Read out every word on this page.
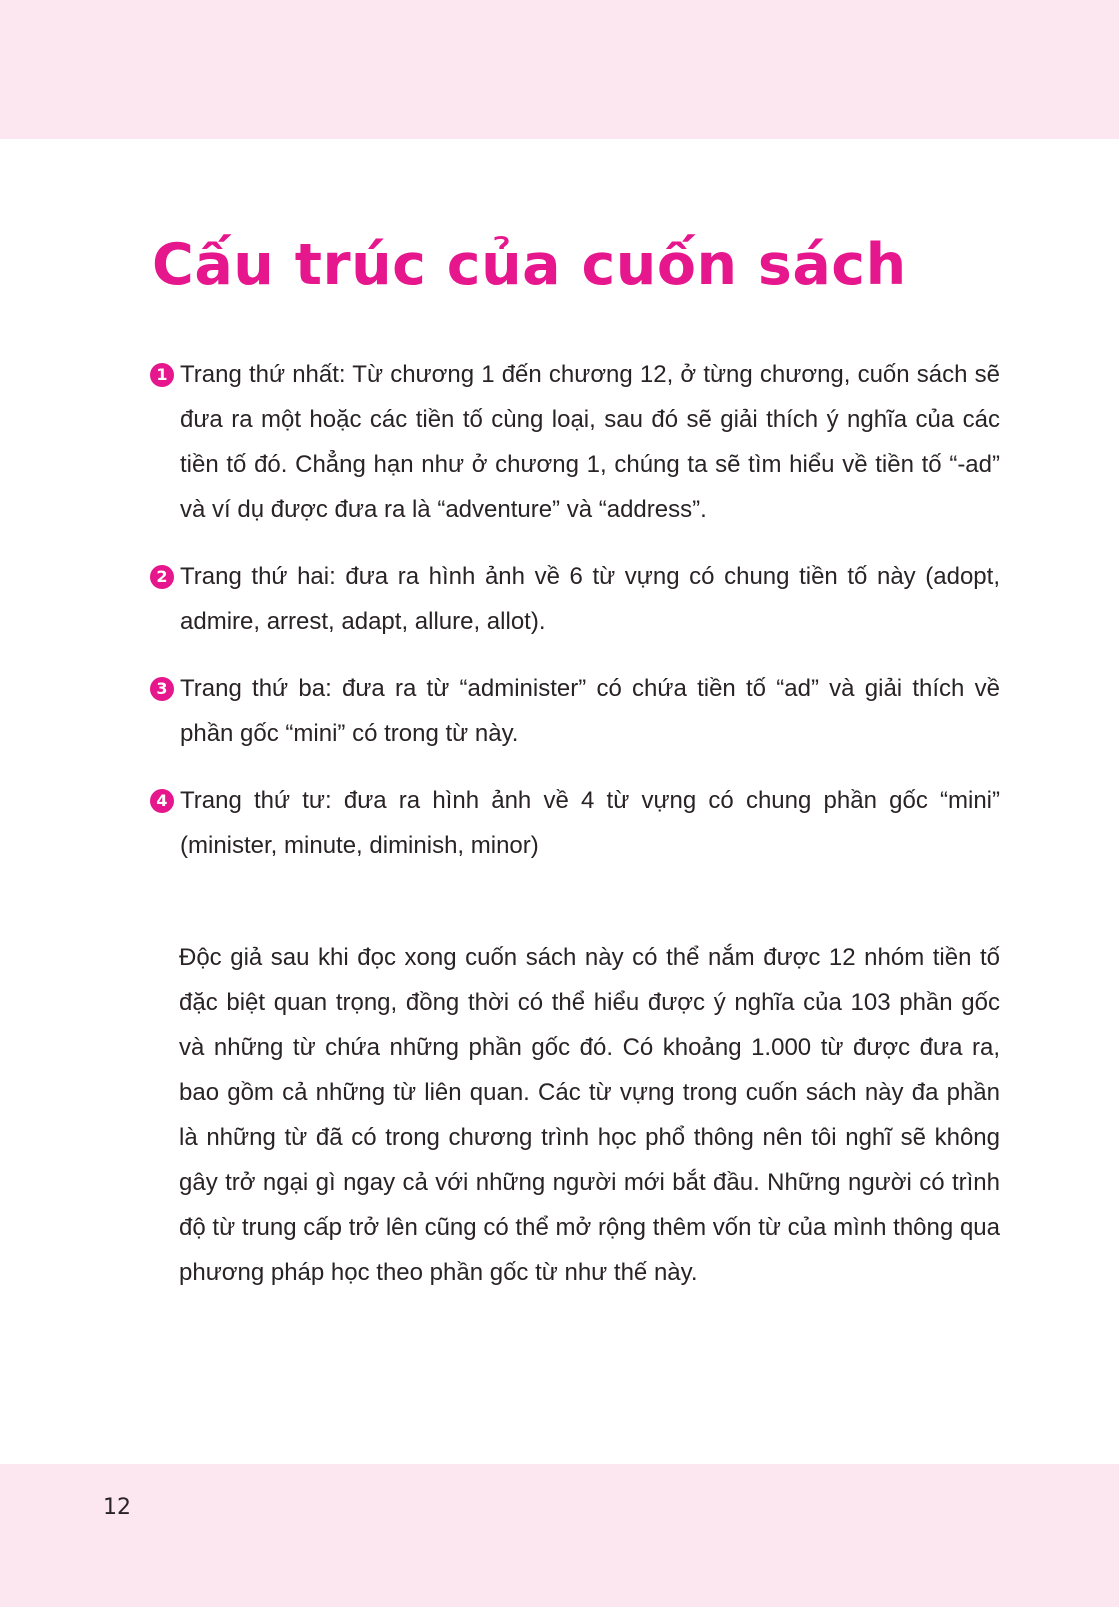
Cấu trúc của cuốn sách
1 Trang thứ nhất: Từ chương 1 đến chương 12, ở từng chương, cuốn sách sẽ đưa ra một hoặc các tiền tố cùng loại, sau đó sẽ giải thích ý nghĩa của các tiền tố đó. Chẳng hạn như ở chương 1, chúng ta sẽ tìm hiểu về tiền tố “-ad” và ví dụ được đưa ra là “adventure” và “address”.
2 Trang thứ hai: đưa ra hình ảnh về 6 từ vựng có chung tiền tố này (adopt, admire, arrest, adapt, allure, allot).
3 Trang thứ ba: đưa ra từ “administer” có chứa tiền tố “ad” và giải thích về phần gốc “mini” có trong từ này.
4 Trang thứ tư: đưa ra hình ảnh về 4 từ vựng có chung phần gốc “mini” (minister, minute, diminish, minor)

Độc giả sau khi đọc xong cuốn sách này có thể nắm được 12 nhóm tiền tố đặc biệt quan trọng, đồng thời có thể hiểu được ý nghĩa của 103 phần gốc và những từ chứa những phần gốc đó. Có khoảng 1.000 từ được đưa ra, bao gồm cả những từ liên quan. Các từ vựng trong cuốn sách này đa phần là những từ đã có trong chương trình học phổ thông nên tôi nghĩ sẽ không gây trở ngại gì ngay cả với những người mới bắt đầu. Những người có trình độ từ trung cấp trở lên cũng có thể mở rộng thêm vốn từ của mình thông qua phương pháp học theo phần gốc từ như thế này.

12
